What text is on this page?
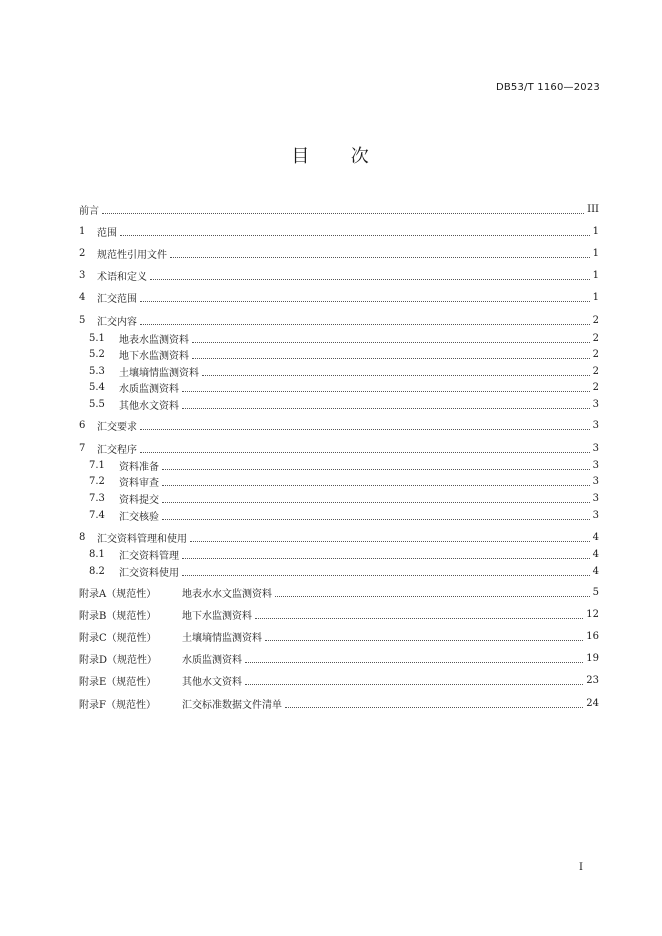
DB53/T 1160—2023
目　　次
前言	III
1	范围	1
2	规范性引用文件	1
3	术语和定义	1
4	汇交范围	1
5	汇交内容	2
5.1	地表水监测资料	2
5.2	地下水监测资料	2
5.3	土壤墒情监测资料	2
5.4	水质监测资料	2
5.5	其他水文资料	3
6	汇交要求	3
7	汇交程序	3
7.1	资料准备	3
7.2	资料审查	3
7.3	资料提交	3
7.4	汇交核验	3
8	汇交资料管理和使用	4
8.1	汇交资料管理	4
8.2	汇交资料使用	4
附录A（规范性）	地表水水文监测资料	5
附录B（规范性）	地下水监测资料	12
附录C（规范性）	土壤墒情监测资料	16
附录D（规范性）	水质监测资料	19
附录E（规范性）	其他水文资料	23
附录F（规范性）	汇交标准数据文件清单	24
I
